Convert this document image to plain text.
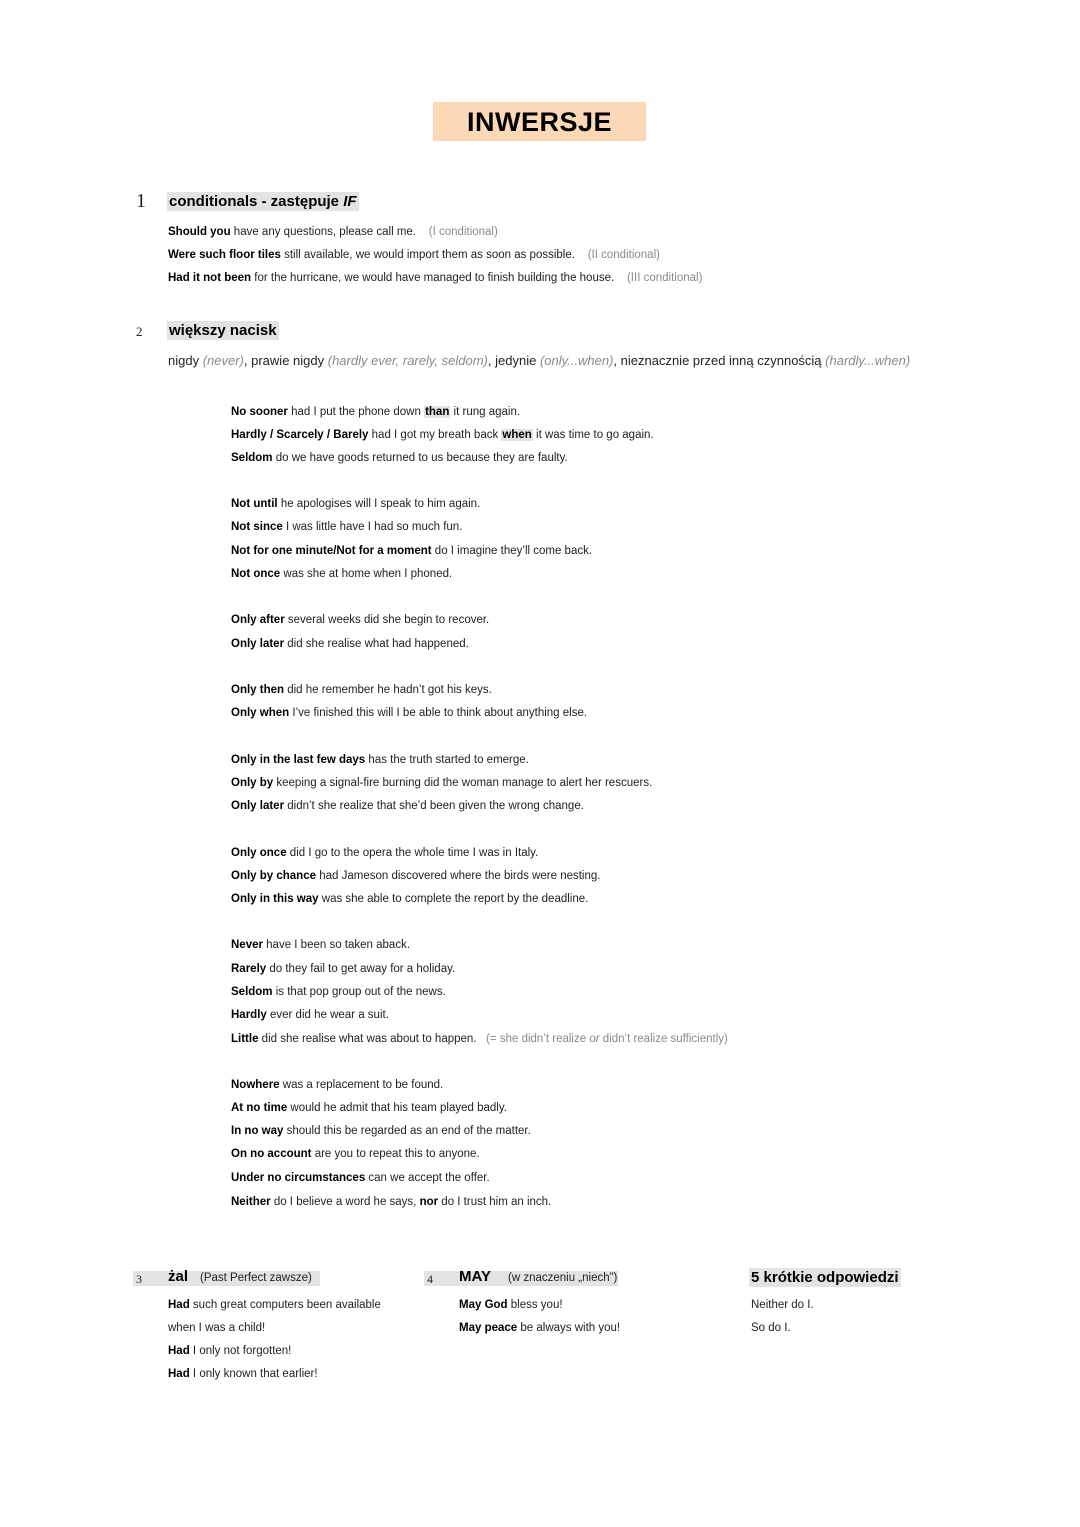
INWERSJE
1 conditionals - zastępuje IF
Should you have any questions, please call me. (I conditional)
Were such floor tiles still available, we would import them as soon as possible. (II conditional)
Had it not been for the hurricane, we would have managed to finish building the house. (III conditional)
2 większy nacisk
nigdy (never), prawie nigdy (hardly ever, rarely, seldom), jedynie (only...when), nieznacznie przed inną czynnością (hardly...when)
No sooner had I put the phone down than it rung again.
Hardly / Scarcely / Barely had I got my breath back when it was time to go again.
Seldom do we have goods returned to us because they are faulty.
Not until he apologises will I speak to him again.
Not since I was little have I had so much fun.
Not for one minute/Not for a moment do I imagine they’ll come back.
Not once was she at home when I phoned.
Only after several weeks did she begin to recover.
Only later did she realise what had happened.
Only then did he remember he hadn’t got his keys.
Only when I’ve finished this will I be able to think about anything else.
Only in the last few days has the truth started to emerge.
Only by keeping a signal-fire burning did the woman manage to alert her rescuers.
Only later didn’t she realize that she’d been given the wrong change.
Only once did I go to the opera the whole time I was in Italy.
Only by chance had Jameson discovered where the birds were nesting.
Only in this way was she able to complete the report by the deadline.
Never have I been so taken aback.
Rarely do they fail to get away for a holiday.
Seldom is that pop group out of the news.
Hardly ever did he wear a suit.
Little did she realise what was about to happen. (= she didn’t realize or didn’t realize sufficiently)
Nowhere was a replacement to be found.
At no time would he admit that his team played badly.
In no way should this be regarded as an end of the matter.
On no account are you to repeat this to anyone.
Under no circumstances can we accept the offer.
Neither do I believe a word he says, nor do I trust him an inch.
3 żal (Past Perfect zawsze)
Had such great computers been available
when I was a child!
Had I only not forgotten!
Had I only known that earlier!
4 MAY (w znaczeniu „niech”)
May God bless you!
May peace be always with you!
5 krótkie odpowiedzi
Neither do I.
So do I.
